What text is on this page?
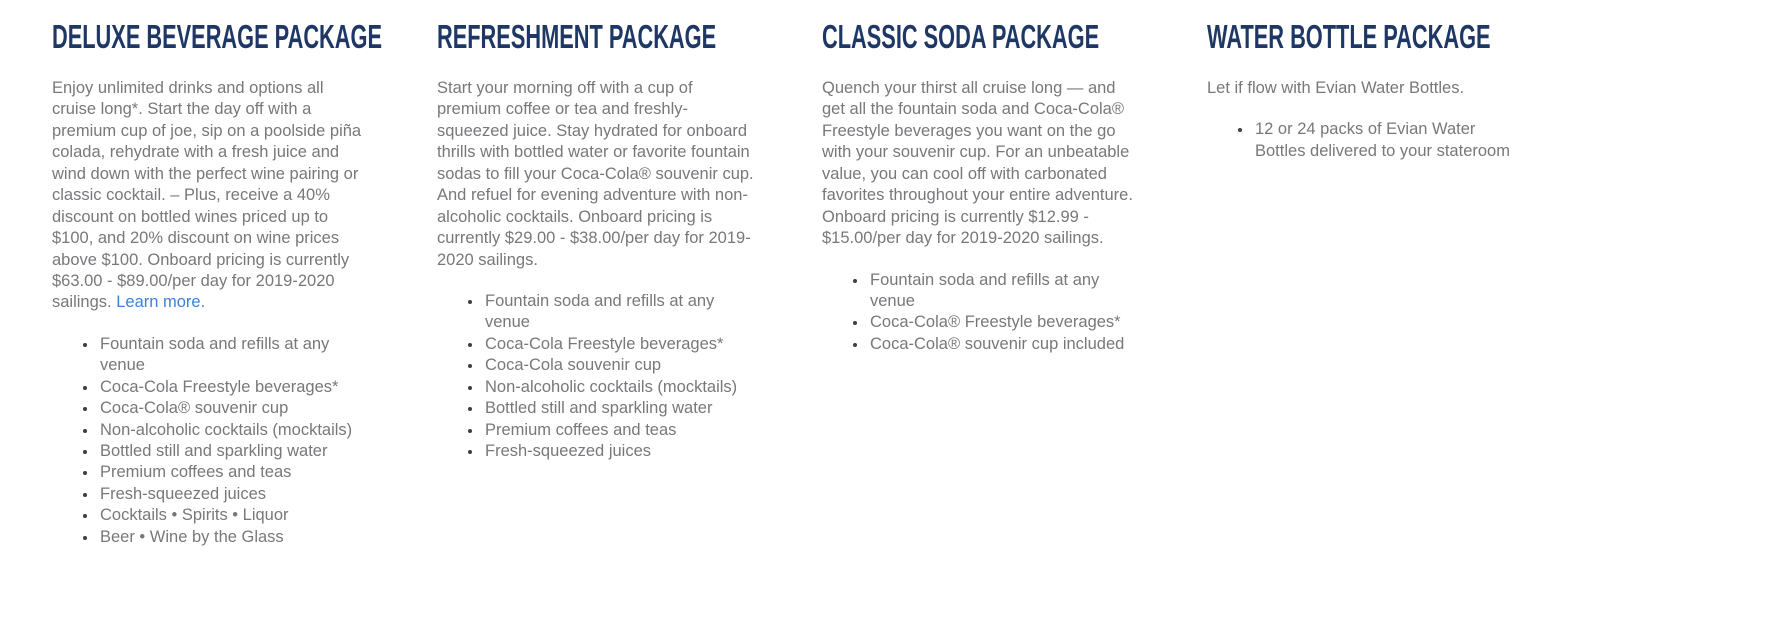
DELUXE BEVERAGE PACKAGE

Enjoy unlimited drinks and options all cruise long*. Start the day off with a premium cup of joe, sip on a poolside piña colada, rehydrate with a fresh juice and wind down with the perfect wine pairing or classic cocktail. – Plus, receive a 40% discount on bottled wines priced up to $100, and 20% discount on wine prices above $100. Onboard pricing is currently $63.00 - $89.00/per day for 2019-2020 sailings. Learn more.

• Fountain soda and refills at any venue
• Coca-Cola Freestyle beverages*
• Coca-Cola® souvenir cup
• Non-alcoholic cocktails (mocktails)
• Bottled still and sparkling water
• Premium coffees and teas
• Fresh-squeezed juices
• Cocktails • Spirits • Liquor
• Beer • Wine by the Glass
REFRESHMENT PACKAGE

Start your morning off with a cup of premium coffee or tea and freshly-squeezed juice. Stay hydrated for onboard thrills with bottled water or favorite fountain sodas to fill your Coca-Cola® souvenir cup. And refuel for evening adventure with non-alcoholic cocktails. Onboard pricing is currently $29.00 - $38.00/per day for 2019-2020 sailings.

• Fountain soda and refills at any venue
• Coca-Cola Freestyle beverages*
• Coca-Cola souvenir cup
• Non-alcoholic cocktails (mocktails)
• Bottled still and sparkling water
• Premium coffees and teas
• Fresh-squeezed juices
CLASSIC SODA PACKAGE

Quench your thirst all cruise long — and get all the fountain soda and Coca-Cola® Freestyle beverages you want on the go with your souvenir cup. For an unbeatable value, you can cool off with carbonated favorites throughout your entire adventure. Onboard pricing is currently $12.99 - $15.00/per day for 2019-2020 sailings.

• Fountain soda and refills at any venue
• Coca-Cola® Freestyle beverages*
• Coca-Cola® souvenir cup included
WATER BOTTLE PACKAGE

Let if flow with Evian Water Bottles.

• 12 or 24 packs of Evian Water Bottles delivered to your stateroom
